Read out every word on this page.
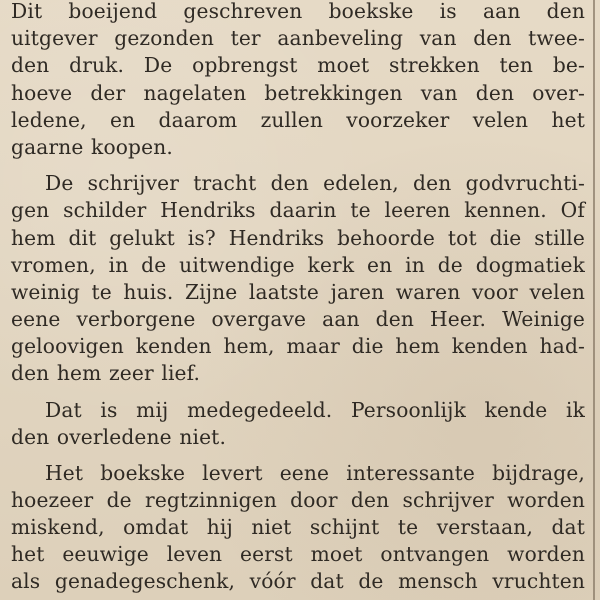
Dit boeijend geschreven boekske is aan den
uitgever gezonden ter aanbeveling van den twee-
den druk. De opbrengst moet strekken ten be-
hoeve der nagelaten betrekkingen van den over-
ledene, en daarom zullen voorzeker velen het
gaarne koopen.
De schrijver tracht den edelen, den godvruchti-
gen schilder Hendriks daarin te leeren kennen. Of
hem dit gelukt is? Hendriks behoorde tot die stille
vromen, in de uitwendige kerk en in de dogmatiek
weinig te huis. Zijne laatste jaren waren voor velen
eene verborgene overgave aan den Heer. Weinige
geloovigen kenden hem, maar die hem kenden had-
den hem zeer lief.
Dat is mij medegedeeld. Persoonlijk kende ik
den overledene niet.
Het boekske levert eene interessante bijdrage,
hoezeer de regtzinnigen door den schrijver worden
miskend, omdat hij niet schijnt te verstaan, dat
het eeuwige leven eerst moet ontvangen worden
als genadegeschenk, vóór dat de mensch vruchten
